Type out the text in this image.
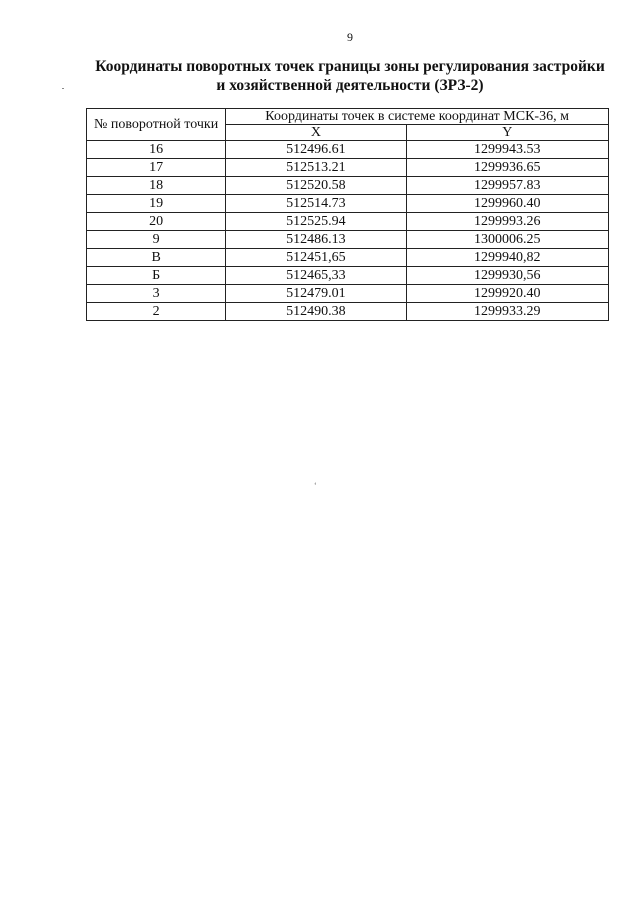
9
Координаты поворотных точек границы зоны регулирования застройки и хозяйственной деятельности (ЗРЗ-2)
№ поворотной точки	Координаты точек в системе координат МСК-36, м	
	X	Y
16	512496.61	1299943.53
17	512513.21	1299936.65
18	512520.58	1299957.83
19	512514.73	1299960.40
20	512525.94	1299993.26
9	512486.13	1300006.25
В	512451,65	1299940,82
Б	512465,33	1299930,56
3	512479.01	1299920.40
2	512490.38	1299933.29
ʻ
